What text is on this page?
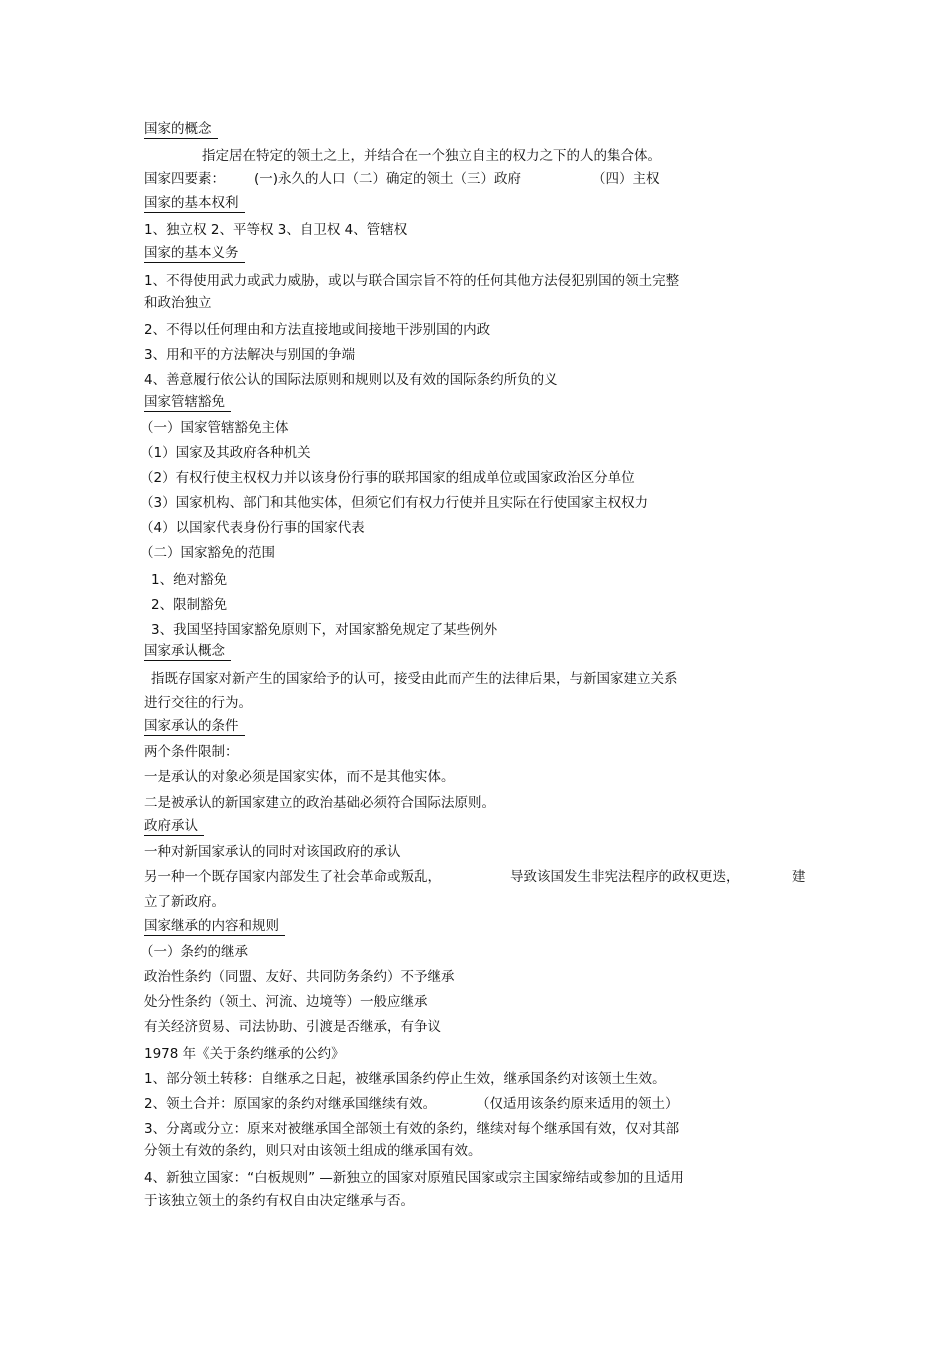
国家的概念
指定居在特定的领土之上，并结合在一个独立自主的权力之下的人的集合体。
国家四要素： (一)永久的人口（二）确定的领土（三）政府	（四）主权
国家的基本权利
1、独立权 2、平等权 3、自卫权 4、管辖权
国家的基本义务
1、不得使用武力或武力威胁，或以与联合国宗旨不符的任何其他方法侵犯别国的领土完整
和政治独立
2、不得以任何理由和方法直接地或间接地干涉别国的内政
3、用和平的方法解决与别国的争端
4、善意履行依公认的国际法原则和规则以及有效的国际条约所负的义
国家管辖豁免
（一）国家管辖豁免主体
（1）国家及其政府各种机关
（2）有权行使主权权力并以该身份行事的联邦国家的组成单位或国家政治区分单位
（3）国家机构、部门和其他实体，但须它们有权力行使并且实际在行使国家主权权力
（4）以国家代表身份行事的国家代表
（二）国家豁免的范围
1、绝对豁免
2、限制豁免
3、我国坚持国家豁免原则下，对国家豁免规定了某些例外
国家承认概念
指既存国家对新产生的国家给予的认可，接受由此而产生的法律后果，与新国家建立关系
进行交往的行为。
国家承认的条件
两个条件限制：
一是承认的对象必须是国家实体，而不是其他实体。
二是被承认的新国家建立的政治基础必须符合国际法原则。
政府承认
一种对新国家承认的同时对该国政府的承认
另一种一个既存国家内部发生了社会革命或叛乱，	导致该国发生非宪法程序的政权更迭，	建
立了新政府。
国家继承的内容和规则
（一）条约的继承
政治性条约（同盟、友好、共同防务条约）不予继承
处分性条约（领土、河流、边境等）一般应继承
有关经济贸易、司法协助、引渡是否继承，有争议
1978 年《关于条约继承的公约》
1、部分领土转移：自继承之日起，被继承国条约停止生效，继承国条约对该领土生效。
2、领土合并：原国家的条约对继承国继续有效。	（仅适用该条约原来适用的领土）
3、分离或分立：原来对被继承国全部领土有效的条约，继续对每个继承国有效，仅对其部
分领土有效的条约，则只对由该领土组成的继承国有效。
4、新独立国家：“白板规则” —新独立的国家对原殖民国家或宗主国家缔结或参加的且适用
于该独立领土的条约有权自由决定继承与否。
